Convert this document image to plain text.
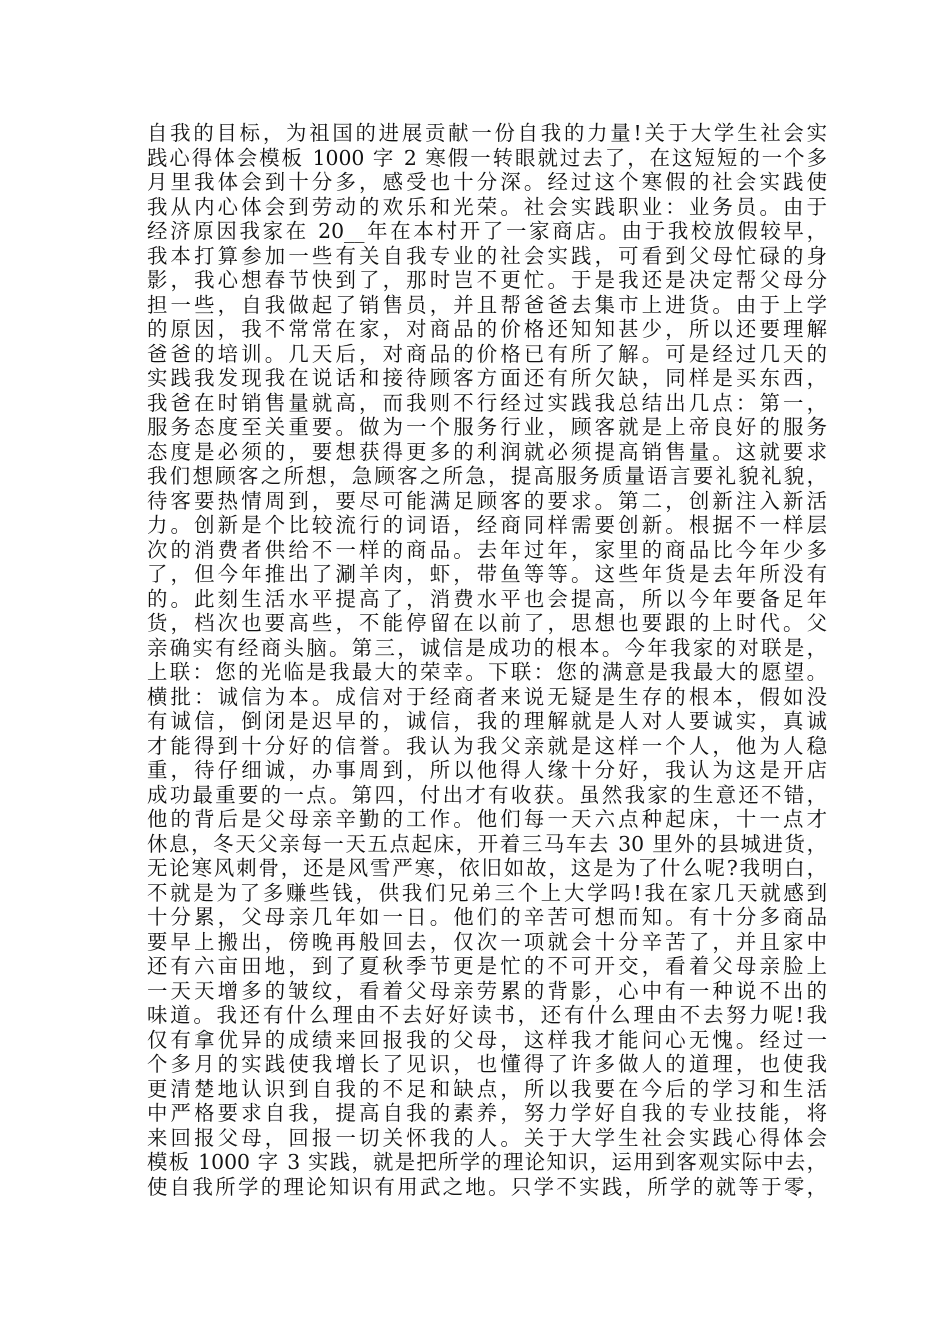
自我的目标，为祖国的进展贡献一份自我的力量!关于大学生社会实
践心得体会模板 1000 字 2 寒假一转眼就过去了，在这短短的一个多
月里我体会到十分多，感受也十分深。经过这个寒假的社会实践使
我从内心体会到劳动的欢乐和光荣。社会实践职业：业务员。由于
经济原因我家在 20__年在本村开了一家商店。由于我校放假较早，
我本打算参加一些有关自我专业的社会实践，可看到父母忙碌的身
影，我心想春节快到了，那时岂不更忙。于是我还是决定帮父母分
担一些，自我做起了销售员，并且帮爸爸去集市上进货。由于上学
的原因，我不常常在家，对商品的价格还知知甚少，所以还要理解
爸爸的培训。几天后，对商品的价格已有所了解。可是经过几天的
实践我发现我在说话和接待顾客方面还有所欠缺，同样是买东西，
我爸在时销售量就高，而我则不行经过实践我总结出几点：第一，
服务态度至关重要。做为一个服务行业，顾客就是上帝良好的服务
态度是必须的，要想获得更多的利润就必须提高销售量。这就要求
我们想顾客之所想，急顾客之所急，提高服务质量语言要礼貌礼貌，
待客要热情周到，要尽可能满足顾客的要求。第二，创新注入新活
力。创新是个比较流行的词语，经商同样需要创新。根据不一样层
次的消费者供给不一样的商品。去年过年，家里的商品比今年少多
了，但今年推出了涮羊肉，虾，带鱼等等。这些年货是去年所没有
的。此刻生活水平提高了，消费水平也会提高，所以今年要备足年
货，档次也要高些，不能停留在以前了，思想也要跟的上时代。父
亲确实有经商头脑。第三，诚信是成功的根本。今年我家的对联是，
上联：您的光临是我最大的荣幸。下联：您的满意是我最大的愿望。
横批：诚信为本。成信对于经商者来说无疑是生存的根本，假如没
有诚信，倒闭是迟早的，诚信，我的理解就是人对人要诚实，真诚
才能得到十分好的信誉。我认为我父亲就是这样一个人，他为人稳
重，待仔细诚，办事周到，所以他得人缘十分好，我认为这是开店
成功最重要的一点。第四，付出才有收获。虽然我家的生意还不错，
他的背后是父母亲辛勤的工作。他们每一天六点种起床，十一点才
休息，冬天父亲每一天五点起床，开着三马车去 30 里外的县城进货，
无论寒风刺骨，还是风雪严寒，依旧如故，这是为了什么呢?我明白，
不就是为了多赚些钱，供我们兄弟三个上大学吗!我在家几天就感到
十分累，父母亲几年如一日。他们的辛苦可想而知。有十分多商品
要早上搬出，傍晚再般回去，仅次一项就会十分辛苦了，并且家中
还有六亩田地，到了夏秋季节更是忙的不可开交，看着父母亲脸上
一天天增多的皱纹，看着父母亲劳累的背影，心中有一种说不出的
味道。我还有什么理由不去好好读书，还有什么理由不去努力呢!我
仅有拿优异的成绩来回报我的父母，这样我才能问心无愧。经过一
个多月的实践使我增长了见识，也懂得了许多做人的道理，也使我
更清楚地认识到自我的不足和缺点，所以我要在今后的学习和生活
中严格要求自我，提高自我的素养，努力学好自我的专业技能，将
来回报父母，回报一切关怀我的人。关于大学生社会实践心得体会
模板 1000 字 3 实践，就是把所学的理论知识，运用到客观实际中去，
使自我所学的理论知识有用武之地。只学不实践，所学的就等于零，
